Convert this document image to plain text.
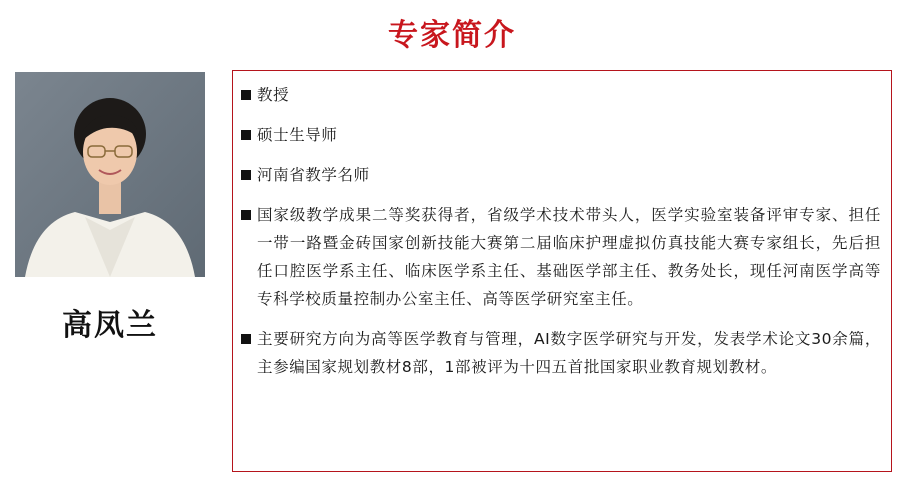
专家简介
高凤兰
教授
硕士生导师
河南省教学名师
国家级教学成果二等奖获得者，省级学术技术带头人，医学实验室装备评审专家、担任一带一路暨金砖国家创新技能大赛第二届临床护理虚拟仿真技能大赛专家组长，先后担任口腔医学系主任、临床医学系主任、基础医学部主任、教务处长，现任河南医学高等专科学校质量控制办公室主任、高等医学研究室主任。
主要研究方向为高等医学教育与管理，AI数字医学研究与开发，发表学术论文30余篇，主参编国家规划教材8部，1部被评为十四五首批国家职业教育规划教材。
